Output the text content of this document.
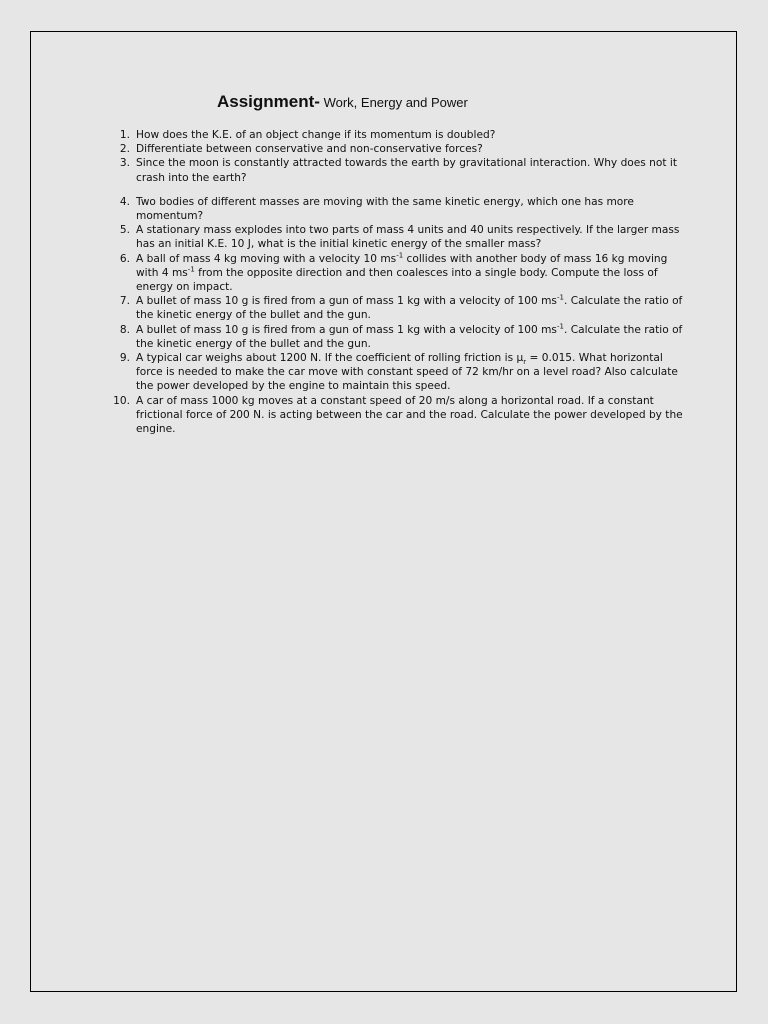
Assignment- Work, Energy and Power
1. How does the K.E. of an object change if its momentum is doubled?
2. Differentiate between conservative and non-conservative forces?
3. Since the moon is constantly attracted towards the earth by gravitational interaction. Why does not it crash into the earth?
4. Two bodies of different masses are moving with the same kinetic energy, which one has more momentum?
5. A stationary mass explodes into two parts of mass 4 units and 40 units respectively. If the larger mass has an initial K.E. 10 J, what is the initial kinetic energy of the smaller mass?
6. A ball of mass 4 kg moving with a velocity 10 $ms^{-1}$ collides with another body of mass 16 kg moving with 4 $ms^{-1}$ from the opposite direction and then coalesces into a single body. Compute the loss of energy on impact.
7. A bullet of mass 10 g is fired from a gun of mass 1 kg with a velocity of 100 $ms^{-1}$. Calculate the ratio of the kinetic energy of the bullet and the gun.
8. A bullet of mass 10 g is fired from a gun of mass 1 kg with a velocity of 100 $ms^{-1}$. Calculate the ratio of the kinetic energy of the bullet and the gun.
9. A typical car weighs about 1200 N. If the coefficient of rolling friction is $\mu_r = 0.015$. What horizontal force is needed to make the car move with constant speed of 72 km/hr on a level road? Also calculate the power developed by the engine to maintain this speed.
10. A car of mass 1000 kg moves at a constant speed of 20 m/s along a horizontal road. If a constant frictional force of 200 N. is acting between the car and the road. Calculate the power developed by the engine.
